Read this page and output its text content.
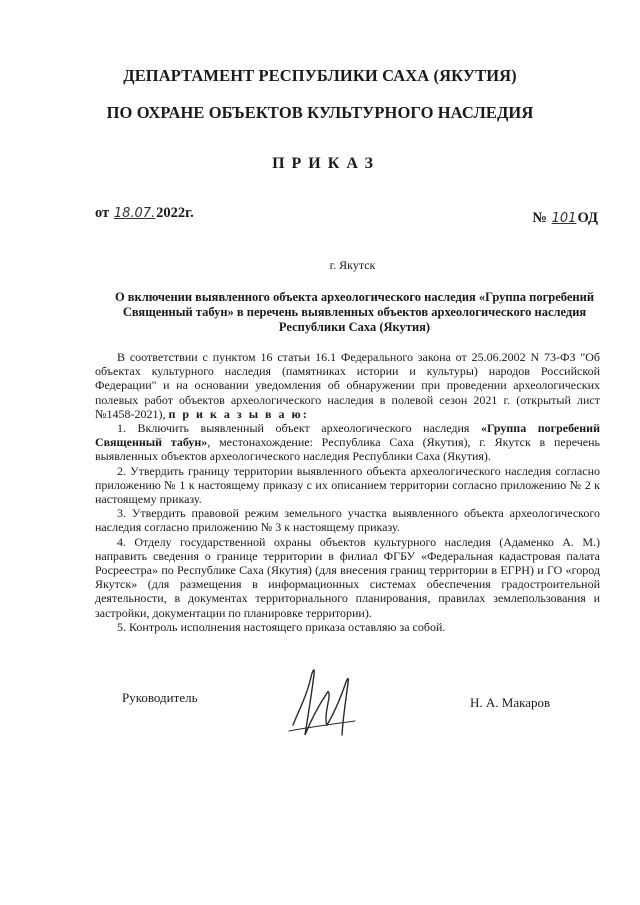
ДЕПАРТАМЕНТ РЕСПУБЛИКИ САХА (ЯКУТИЯ)
ПО ОХРАНЕ ОБЪЕКТОВ КУЛЬТУРНОГО НАСЛЕДИЯ
ПРИКАЗ
от 18.07.2022г.	№ 101ОД
г. Якутск
О включении выявленного объекта археологического наследия «Группа погребений Священный табун» в перечень выявленных объектов археологического наследия Республики Саха (Якутия)

В соответствии с пунктом 16 статьи 16.1 Федерального закона от 25.06.2002 N 73-ФЗ "Об объектах культурного наследия (памятниках истории и культуры) народов Российской Федерации" и на основании уведомления об обнаружении при проведении археологических полевых работ объектов археологического наследия в полевой сезон 2021 г. (открытый лист №1458-2021), п р и к а з ы в а ю:

1. Включить выявленный объект археологического наследия «Группа погребений Священный табун», местонахождение: Республика Саха (Якутия), г. Якутск в перечень выявленных объектов археологического наследия Республики Саха (Якутия).

2. Утвердить границу территории выявленного объекта археологического наследия согласно приложению № 1 к настоящему приказу с их описанием территории согласно приложению № 2 к настоящему приказу.

3. Утвердить правовой режим земельного участка выявленного объекта археологического наследия согласно приложению № 3 к настоящему приказу.

4. Отделу государственной охраны объектов культурного наследия (Адаменко А. М.) направить сведения о границе территории в филиал ФГБУ «Федеральная кадастровая палата Росреестра» по Республике Саха (Якутия) (для внесения границ территории в ЕГРН) и ГО «город Якутск» (для размещения в информационных системах обеспечения градостроительной деятельности, в документах территориального планирования, правилах землепользования и застройки, документации по планировке территории).

5. Контроль исполнения настоящего приказа оставляю за собой.

Руководитель	Н. А. Макаров
